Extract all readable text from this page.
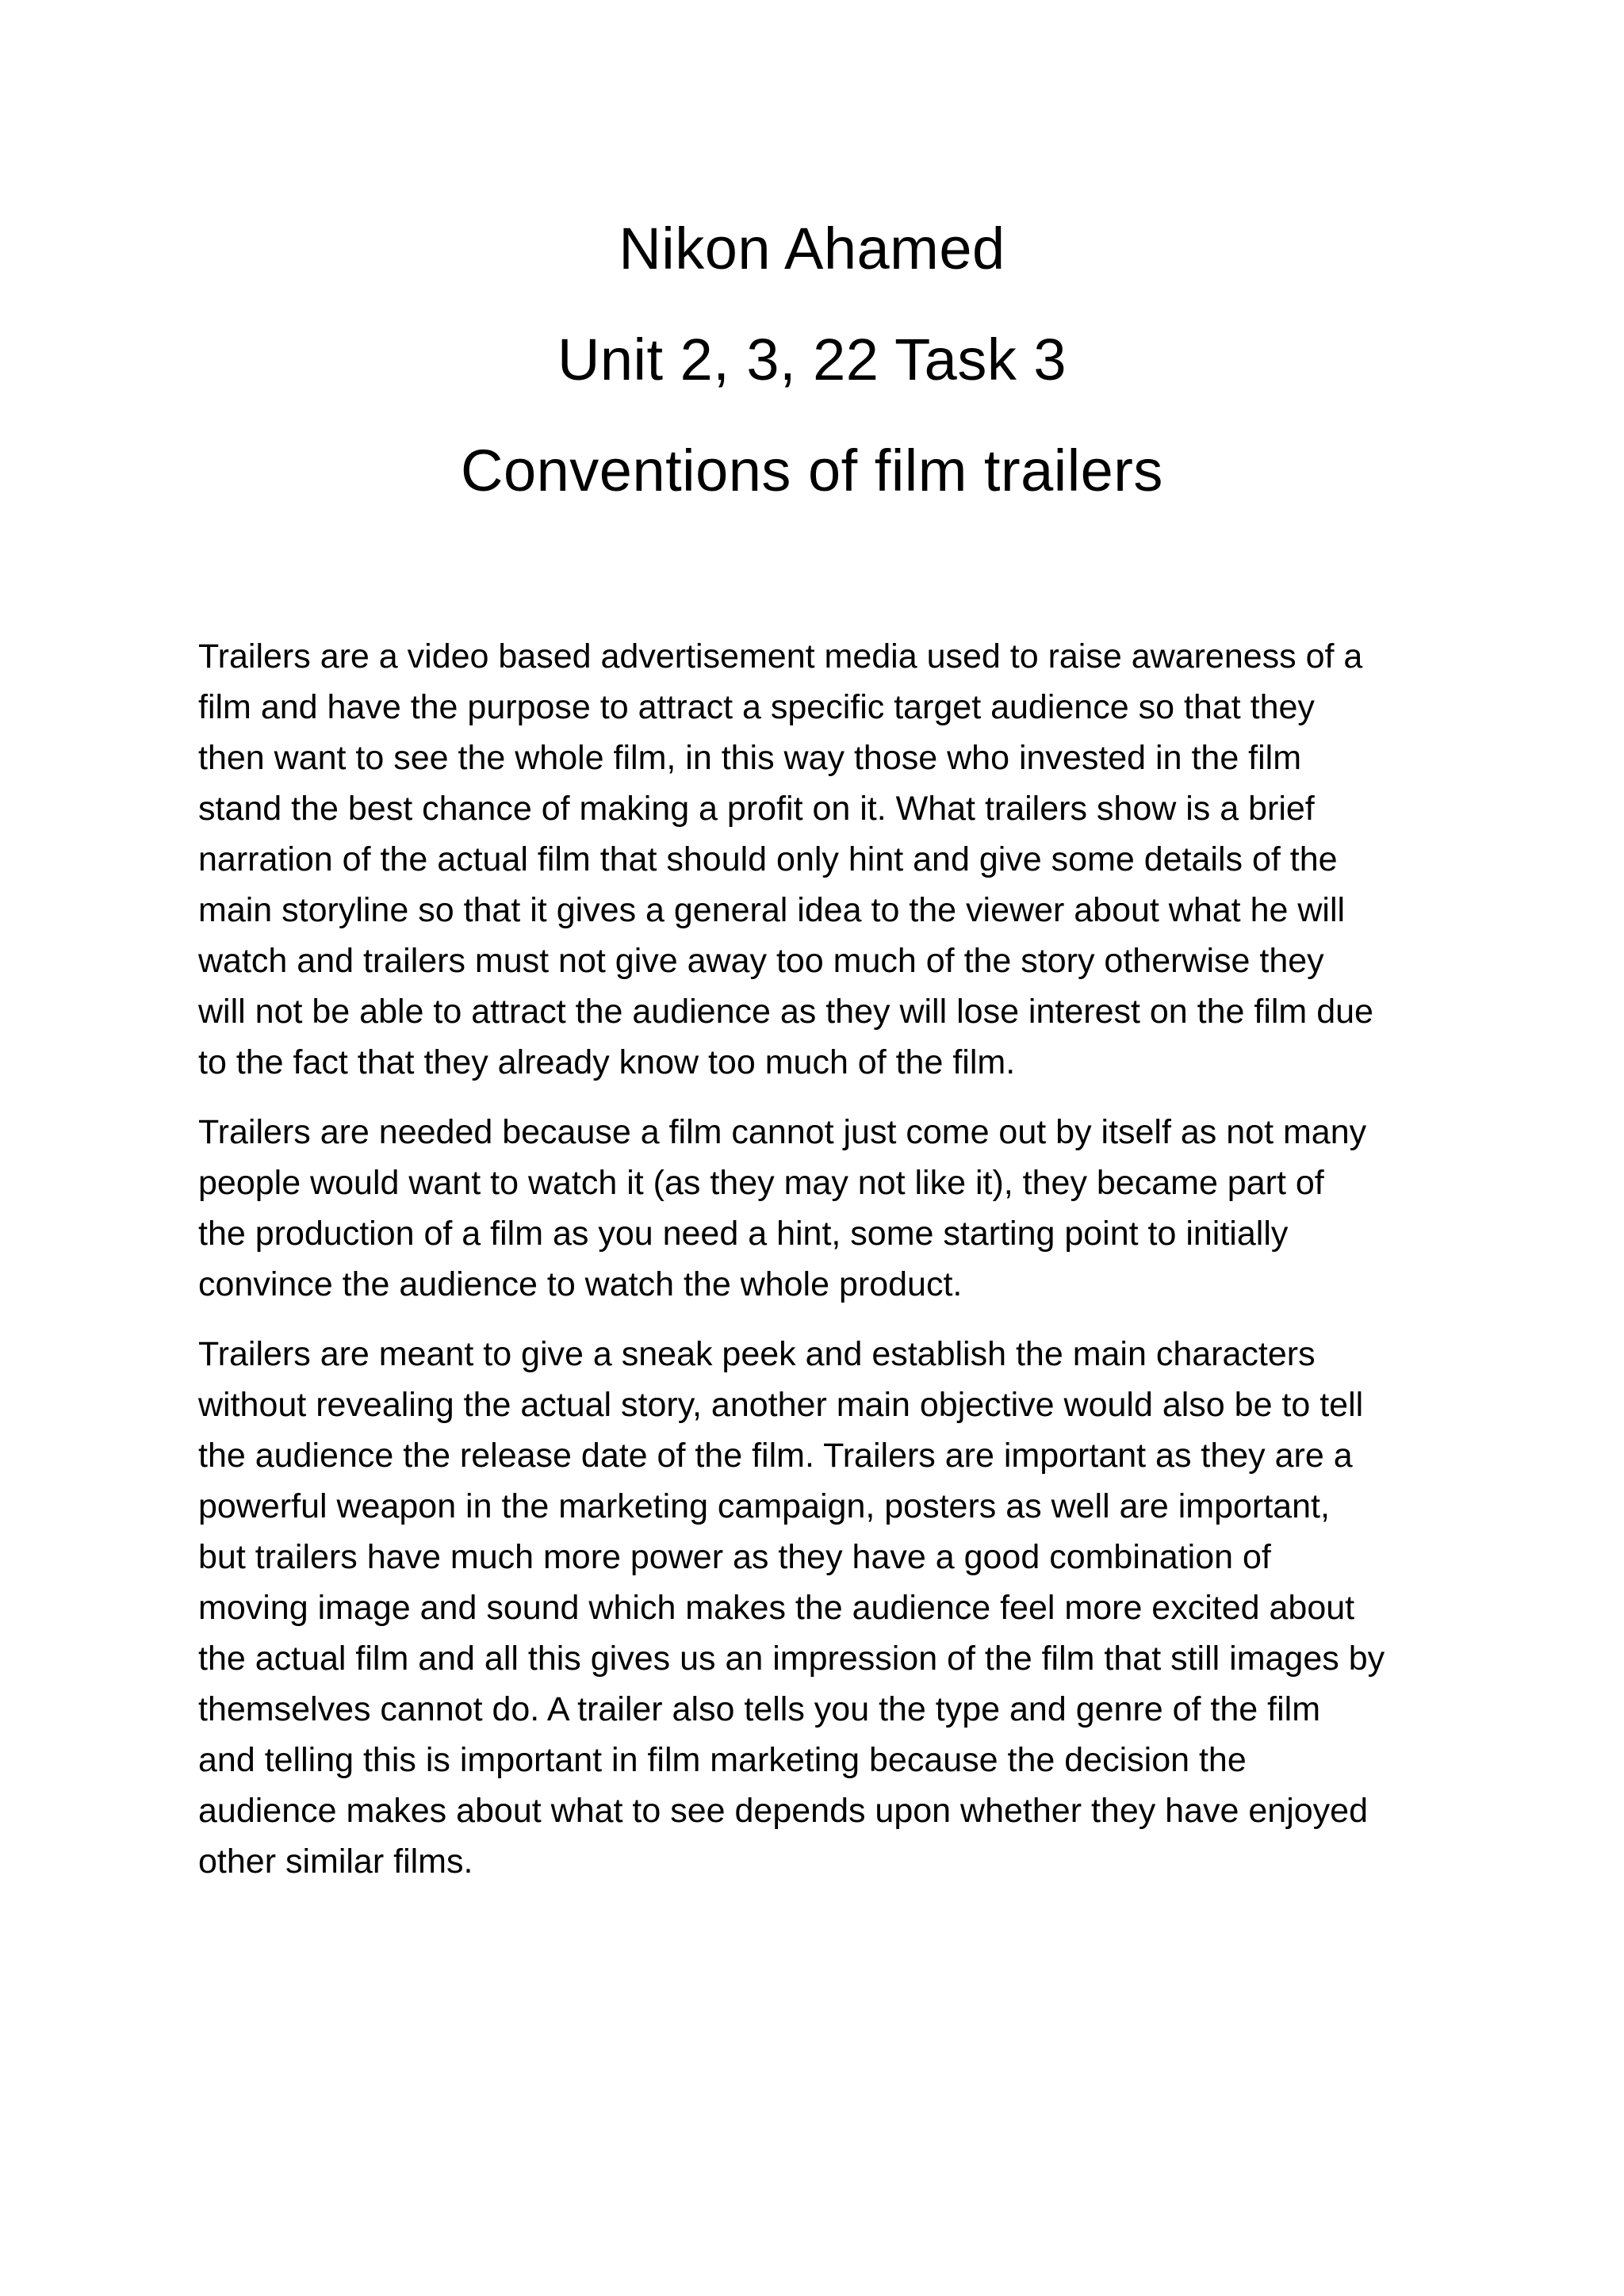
Nikon Ahamed
Unit 2, 3, 22 Task 3
Conventions of film trailers

Trailers are a video based advertisement media used to raise awareness of a
film and have the purpose to attract a specific target audience so that they
then want to see the whole film, in this way those who invested in the film
stand the best chance of making a profit on it. What trailers show is a brief
narration of the actual film that should only hint and give some details of the
main storyline so that it gives a general idea to the viewer about what he will
watch and trailers must not give away too much of the story otherwise they
will not be able to attract the audience as they will lose interest on the film due
to the fact that they already know too much of the film.

Trailers are needed because a film cannot just come out by itself as not many
people would want to watch it (as they may not like it), they became part of
the production of a film as you need a hint, some starting point to initially
convince the audience to watch the whole product.

Trailers are meant to give a sneak peek and establish the main characters
without revealing the actual story, another main objective would also be to tell
the audience the release date of the film. Trailers are important as they are a
powerful weapon in the marketing campaign, posters as well are important,
but trailers have much more power as they have a good combination of
moving image and sound which makes the audience feel more excited about
the actual film and all this gives us an impression of the film that still images by
themselves cannot do. A trailer also tells you the type and genre of the film
and telling this is important in film marketing because the decision the
audience makes about what to see depends upon whether they have enjoyed
other similar films.
